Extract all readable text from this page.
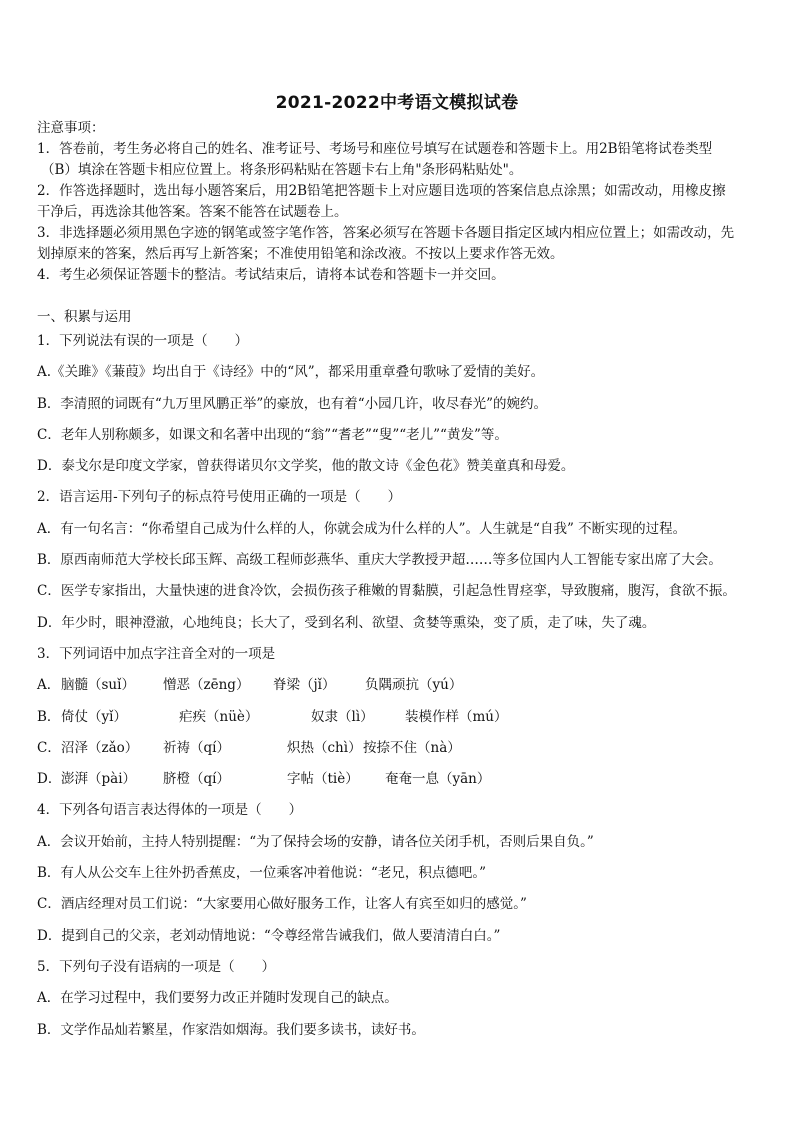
2021-2022中考语文模拟试卷

注意事项：

1．答卷前，考生务必将自己的姓名、准考证号、考场号和座位号填写在试题卷和答题卡上。用2B铅笔将试卷类型

（B）填涂在答题卡相应位置上。将条形码粘贴在答题卡右上角"条形码粘贴处"。

2．作答选择题时，选出每小题答案后，用2B铅笔把答题卡上对应题目选项的答案信息点涂黑；如需改动，用橡皮擦

干净后，再选涂其他答案。答案不能答在试题卷上。

3．非选择题必须用黑色字迹的钢笔或签字笔作答，答案必须写在答题卡各题目指定区域内相应位置上；如需改动，先

划掉原来的答案，然后再写上新答案；不准使用铅笔和涂改液。不按以上要求作答无效。

4．考生必须保证答题卡的整洁。考试结束后，请将本试卷和答题卡一并交回。

一、积累与运用
1．下列说法有误的一项是（　　）
A.《关雎》《蒹葭》均出自于《诗经》中的“风”，都采用重章叠句歌咏了爱情的美好。
B．李清照的词既有“九万里风鹏正举”的豪放，也有着“小园几许，收尽春光”的婉约。
C．老年人别称颇多，如课文和名著中出现的“翁”“耆老”“叟”“老儿”“黄发”等。
D．泰戈尔是印度文学家，曾获得诺贝尔文学奖，他的散文诗《金色花》赞美童真和母爱。
2．语言运用-下列句子的标点符号使用正确的一项是（　　）
A．有一句名言：“你希望自己成为什么样的人，你就会成为什么样的人”。人生就是“自我” 不断实现的过程。
B．原西南师范大学校长邱玉辉、高级工程师彭燕华、重庆大学教授尹超……等多位国内人工智能专家出席了大会。
C．医学专家指出，大量快速的进食冷饮，会损伤孩子稚嫩的胃黏膜，引起急性胃痉挛，导致腹痛，腹泻，食欲不振。
D．年少时，眼神澄澈，心地纯良；长大了，受到名利、欲望、贪婪等熏染，变了质，走了味，失了魂。
3．下列词语中加点字注音全对的一项是
A．脑髓（suǐ） 憎恶（zēng） 脊梁（jǐ） 负隅顽抗（yú）
B．倚仗（yǐ）	疟疾（nüè）	奴隶（lì） 装模作样（mú）
C．沼泽（zǎo） 祈祷（qí）	炽热（chì）按捺不住（nà）
D．澎湃（pài） 脐橙（qí）	字帖（tiè） 奄奄一息（yān）
4．下列各句语言表达得体的一项是（　　）
A．会议开始前，主持人特别提醒：“为了保持会场的安静，请各位关闭手机，否则后果自负。”
B．有人从公交车上往外扔香蕉皮，一位乘客冲着他说：“老兄，积点德吧。”
C．酒店经理对员工们说：“大家要用心做好服务工作，让客人有宾至如归的感觉。”
D．提到自己的父亲，老刘动情地说：“令尊经常告诫我们，做人要清清白白。”
5．下列句子没有语病的一项是（　　）
A．在学习过程中，我们要努力改正并随时发现自己的缺点。
B．文学作品灿若繁星，作家浩如烟海。我们要多读书，读好书。
